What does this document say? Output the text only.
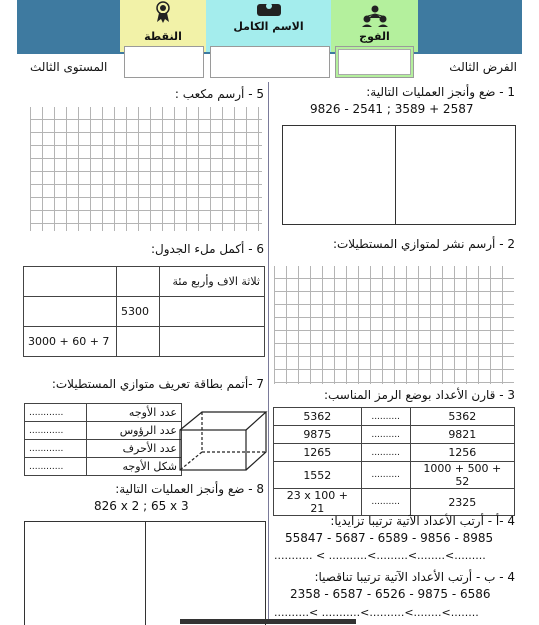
النقطة
الاسم الكامل
الفوج
الفرض الثالث
المستوى الثالث
1 - ضع وأنجز العمليات التالية:
9826 - 2541 ; 3589 + 2587
2 - أرسم نشر لمتوازي المستطيلات:
3 - قارن الأعداد بوضع الرمز المناسب:
5362	..........	5362
9875	..........	9821
1265	..........	1256
1552	..........	1000 + 500 + 52
23 x 100 + 21	..........	2325
4 -أ - أرتب الأعداد الآتية ترتيبا تزايديا:
55847 - 5687 - 6589 - 9856 - 8985
........... < ...........<.........<........<.........
4 - ب - أرتب الأعداد الآتية ترتيبا تناقصيا:
2358 - 6587 - 6526 - 9875 - 6586
..........< ...........<..........<........<........
5 - أرسم مكعب :
6 - أكمل ملء الجدول:
		ثلاثة الاف وأربع مئة
	5300	
3000 + 60 + 7		
7 -أتمم بطاقة تعريف متوازي المستطيلات:
............	عدد الأوجه
............	عدد الرؤوس
............	عدد الأحرف
............	شكل الأوجه
8 - ضع وأنجز العمليات التالية:
826 x 2 ; 65 x 3
